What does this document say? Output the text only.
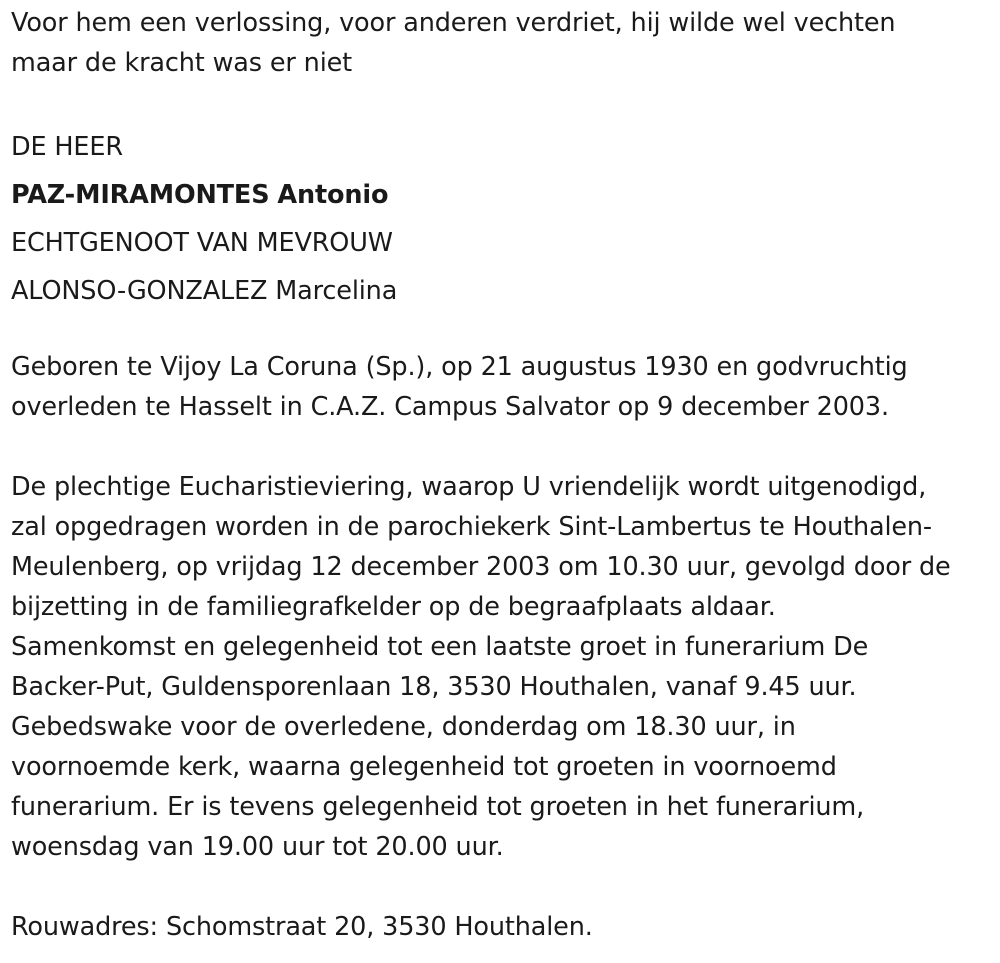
Voor hem een verlossing, voor anderen verdriet, hij wilde wel vechten
maar de kracht was er niet
DE HEER
PAZ-MIRAMONTES Antonio
ECHTGENOOT VAN MEVROUW
ALONSO-GONZALEZ Marcelina
Geboren te Vijoy La Coruna (Sp.), op 21 augustus 1930 en godvruchtig
overleden te Hasselt in C.A.Z. Campus Salvator op 9 december 2003.
De plechtige Eucharistieviering, waarop U vriendelijk wordt uitgenodigd,
zal opgedragen worden in de parochiekerk Sint-Lambertus te Houthalen-
Meulenberg, op vrijdag 12 december 2003 om 10.30 uur, gevolgd door de
bijzetting in de familiegrafkelder op de begraafplaats aldaar.
Samenkomst en gelegenheid tot een laatste groet in funerarium De
Backer-Put, Guldensporenlaan 18, 3530 Houthalen, vanaf 9.45 uur.
Gebedswake voor de overledene, donderdag om 18.30 uur, in
voornoemde kerk, waarna gelegenheid tot groeten in voornoemd
funerarium. Er is tevens gelegenheid tot groeten in het funerarium,
woensdag van 19.00 uur tot 20.00 uur.
Rouwadres: Schomstraat 20, 3530 Houthalen.
